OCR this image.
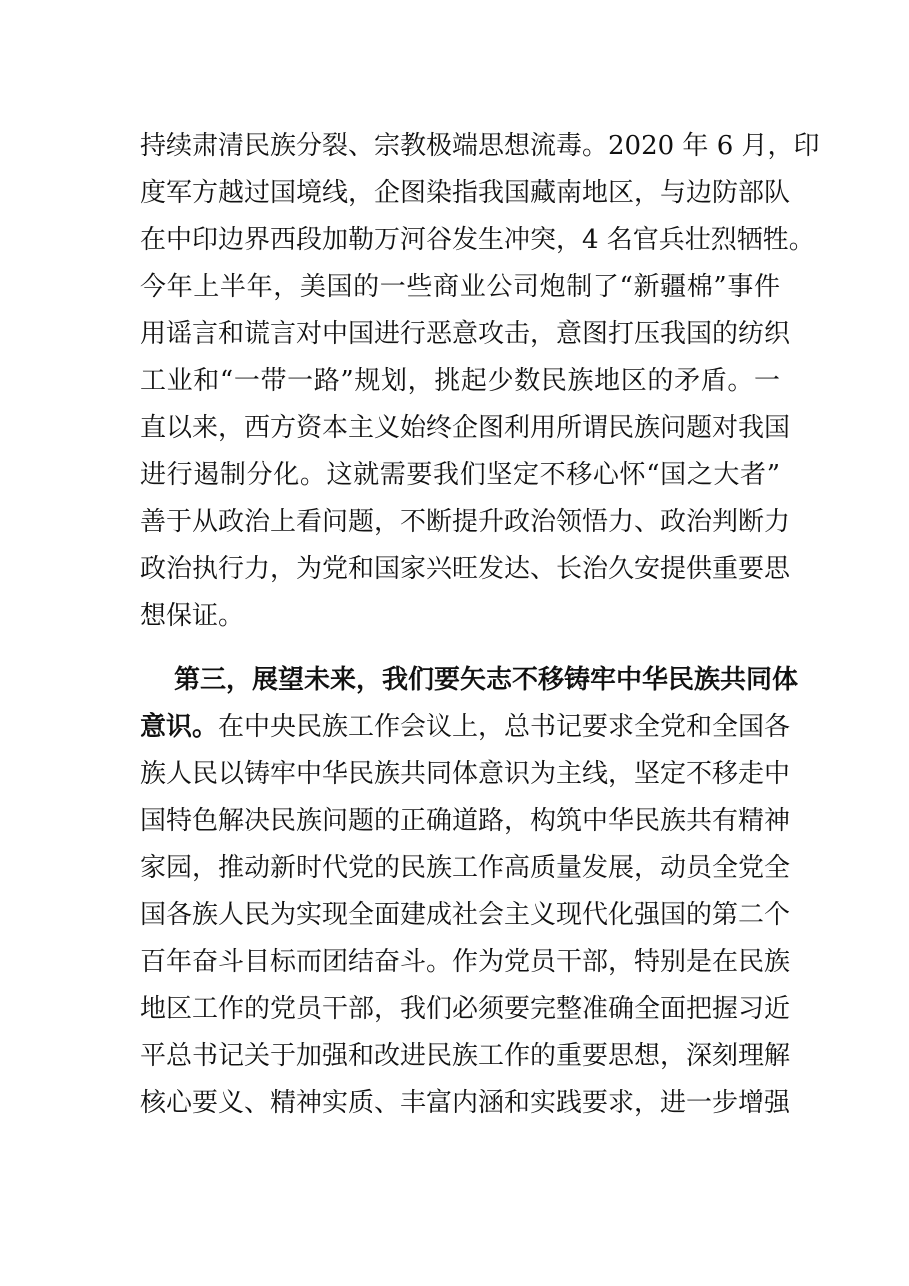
持续肃清民族分裂、宗教极端思想流毒。2020 年 6 月，印
度军方越过国境线，企图染指我国藏南地区，与边防部队
在中印边界西段加勒万河谷发生冲突，4 名官兵壮烈牺牲。
今年上半年，美国的一些商业公司炮制了“新疆棉”事件
用谣言和谎言对中国进行恶意攻击，意图打压我国的纺织
工业和“一带一路”规划，挑起少数民族地区的矛盾。一
直以来，西方资本主义始终企图利用所谓民族问题对我国
进行遏制分化。这就需要我们坚定不移心怀“国之大者”
善于从政治上看问题，不断提升政治领悟力、政治判断力
政治执行力，为党和国家兴旺发达、长治久安提供重要思
想保证。
第三，展望未来，我们要矢志不移铸牢中华民族共同体
意识。 在中央民族工作会议上，总书记要求全党和全国各
族人民以铸牢中华民族共同体意识为主线，坚定不移走中
国特色解决民族问题的正确道路，构筑中华民族共有精神
家园，推动新时代党的民族工作高质量发展，动员全党全
国各族人民为实现全面建成社会主义现代化强国的第二个
百年奋斗目标而团结奋斗。作为党员干部，特别是在民族
地区工作的党员干部，我们必须要完整准确全面把握习近
平总书记关于加强和改进民族工作的重要思想，深刻理解
核心要义、精神实质、丰富内涵和实践要求，进一步增强
